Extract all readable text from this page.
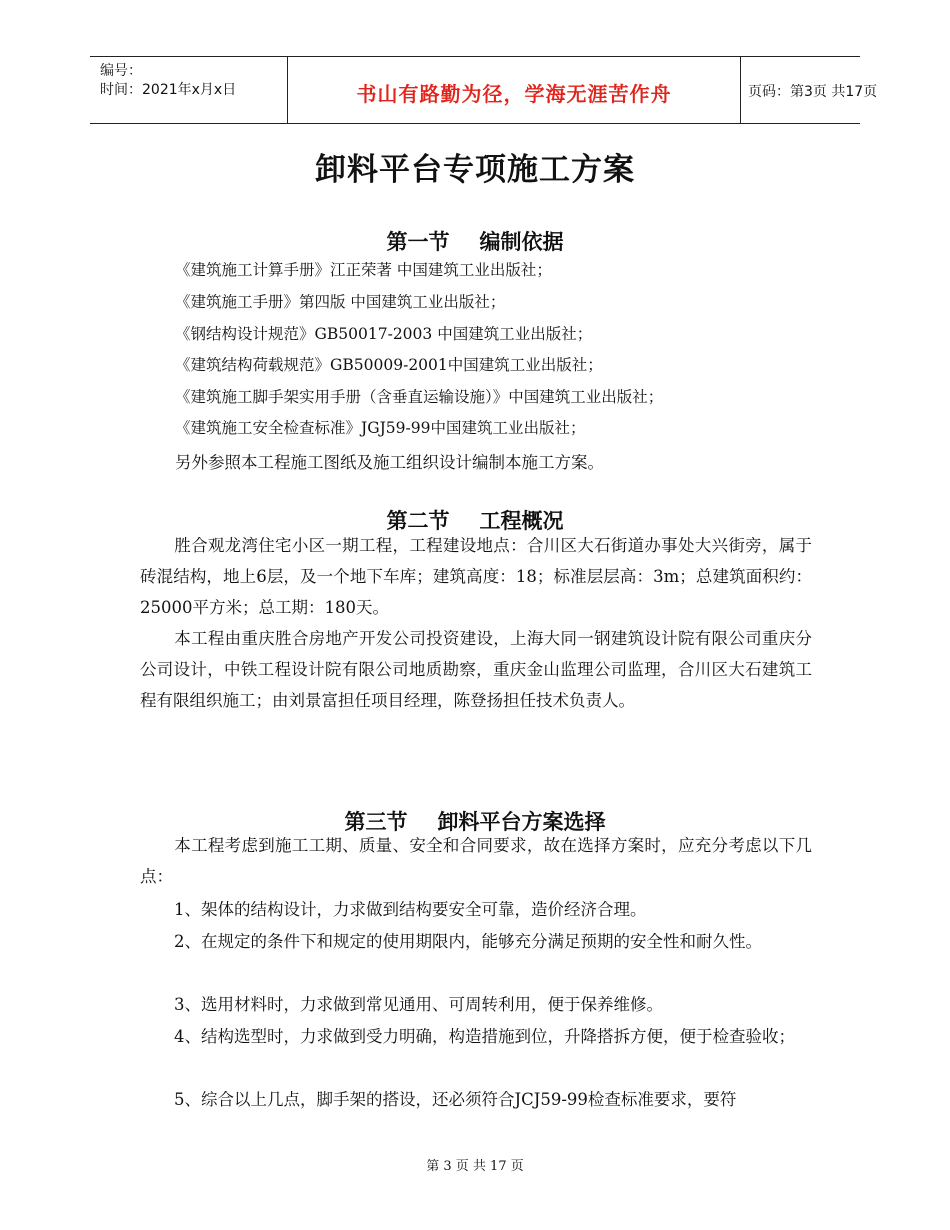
编号：
时间：2021年x月x日	书山有路勤为径，学海无涯苦作舟	页码：第3页 共17页
卸料平台专项施工方案
第一节 编制依据
《建筑施工计算手册》江正荣著 中国建筑工业出版社；
《建筑施工手册》第四版 中国建筑工业出版社；
《钢结构设计规范》GB50017-2003 中国建筑工业出版社；
《建筑结构荷载规范》GB50009-2001中国建筑工业出版社；
《建筑施工脚手架实用手册（含垂直运输设施）》中国建筑工业出版社；
《建筑施工安全检查标准》JGJ59-99中国建筑工业出版社；
另外参照本工程施工图纸及施工组织设计编制本施工方案。
第二节 工程概况
胜合观龙湾住宅小区一期工程，工程建设地点：合川区大石街道办事处大兴街旁，属于砖混结构，地上6层，及一个地下车库；建筑高度：18；标准层层高：3m；总建筑面积约：25000平方米；总工期：180天。
本工程由重庆胜合房地产开发公司投资建设，上海大同一钢建筑设计院有限公司重庆分公司设计，中铁工程设计院有限公司地质勘察，重庆金山监理公司监理，合川区大石建筑工程有限组织施工；由刘景富担任项目经理，陈登扬担任技术负责人。
第三节 卸料平台方案选择
本工程考虑到施工工期、质量、安全和合同要求，故在选择方案时，应充分考虑以下几点：
1、架体的结构设计，力求做到结构要安全可靠，造价经济合理。
2、在规定的条件下和规定的使用期限内，能够充分满足预期的安全性和耐久性。
3、选用材料时，力求做到常见通用、可周转利用，便于保养维修。
4、结构选型时，力求做到受力明确，构造措施到位，升降搭拆方便，便于检查验收；
5、综合以上几点，脚手架的搭设，还必须符合JCJ59-99检查标准要求，要符
第 3 页 共 17 页
